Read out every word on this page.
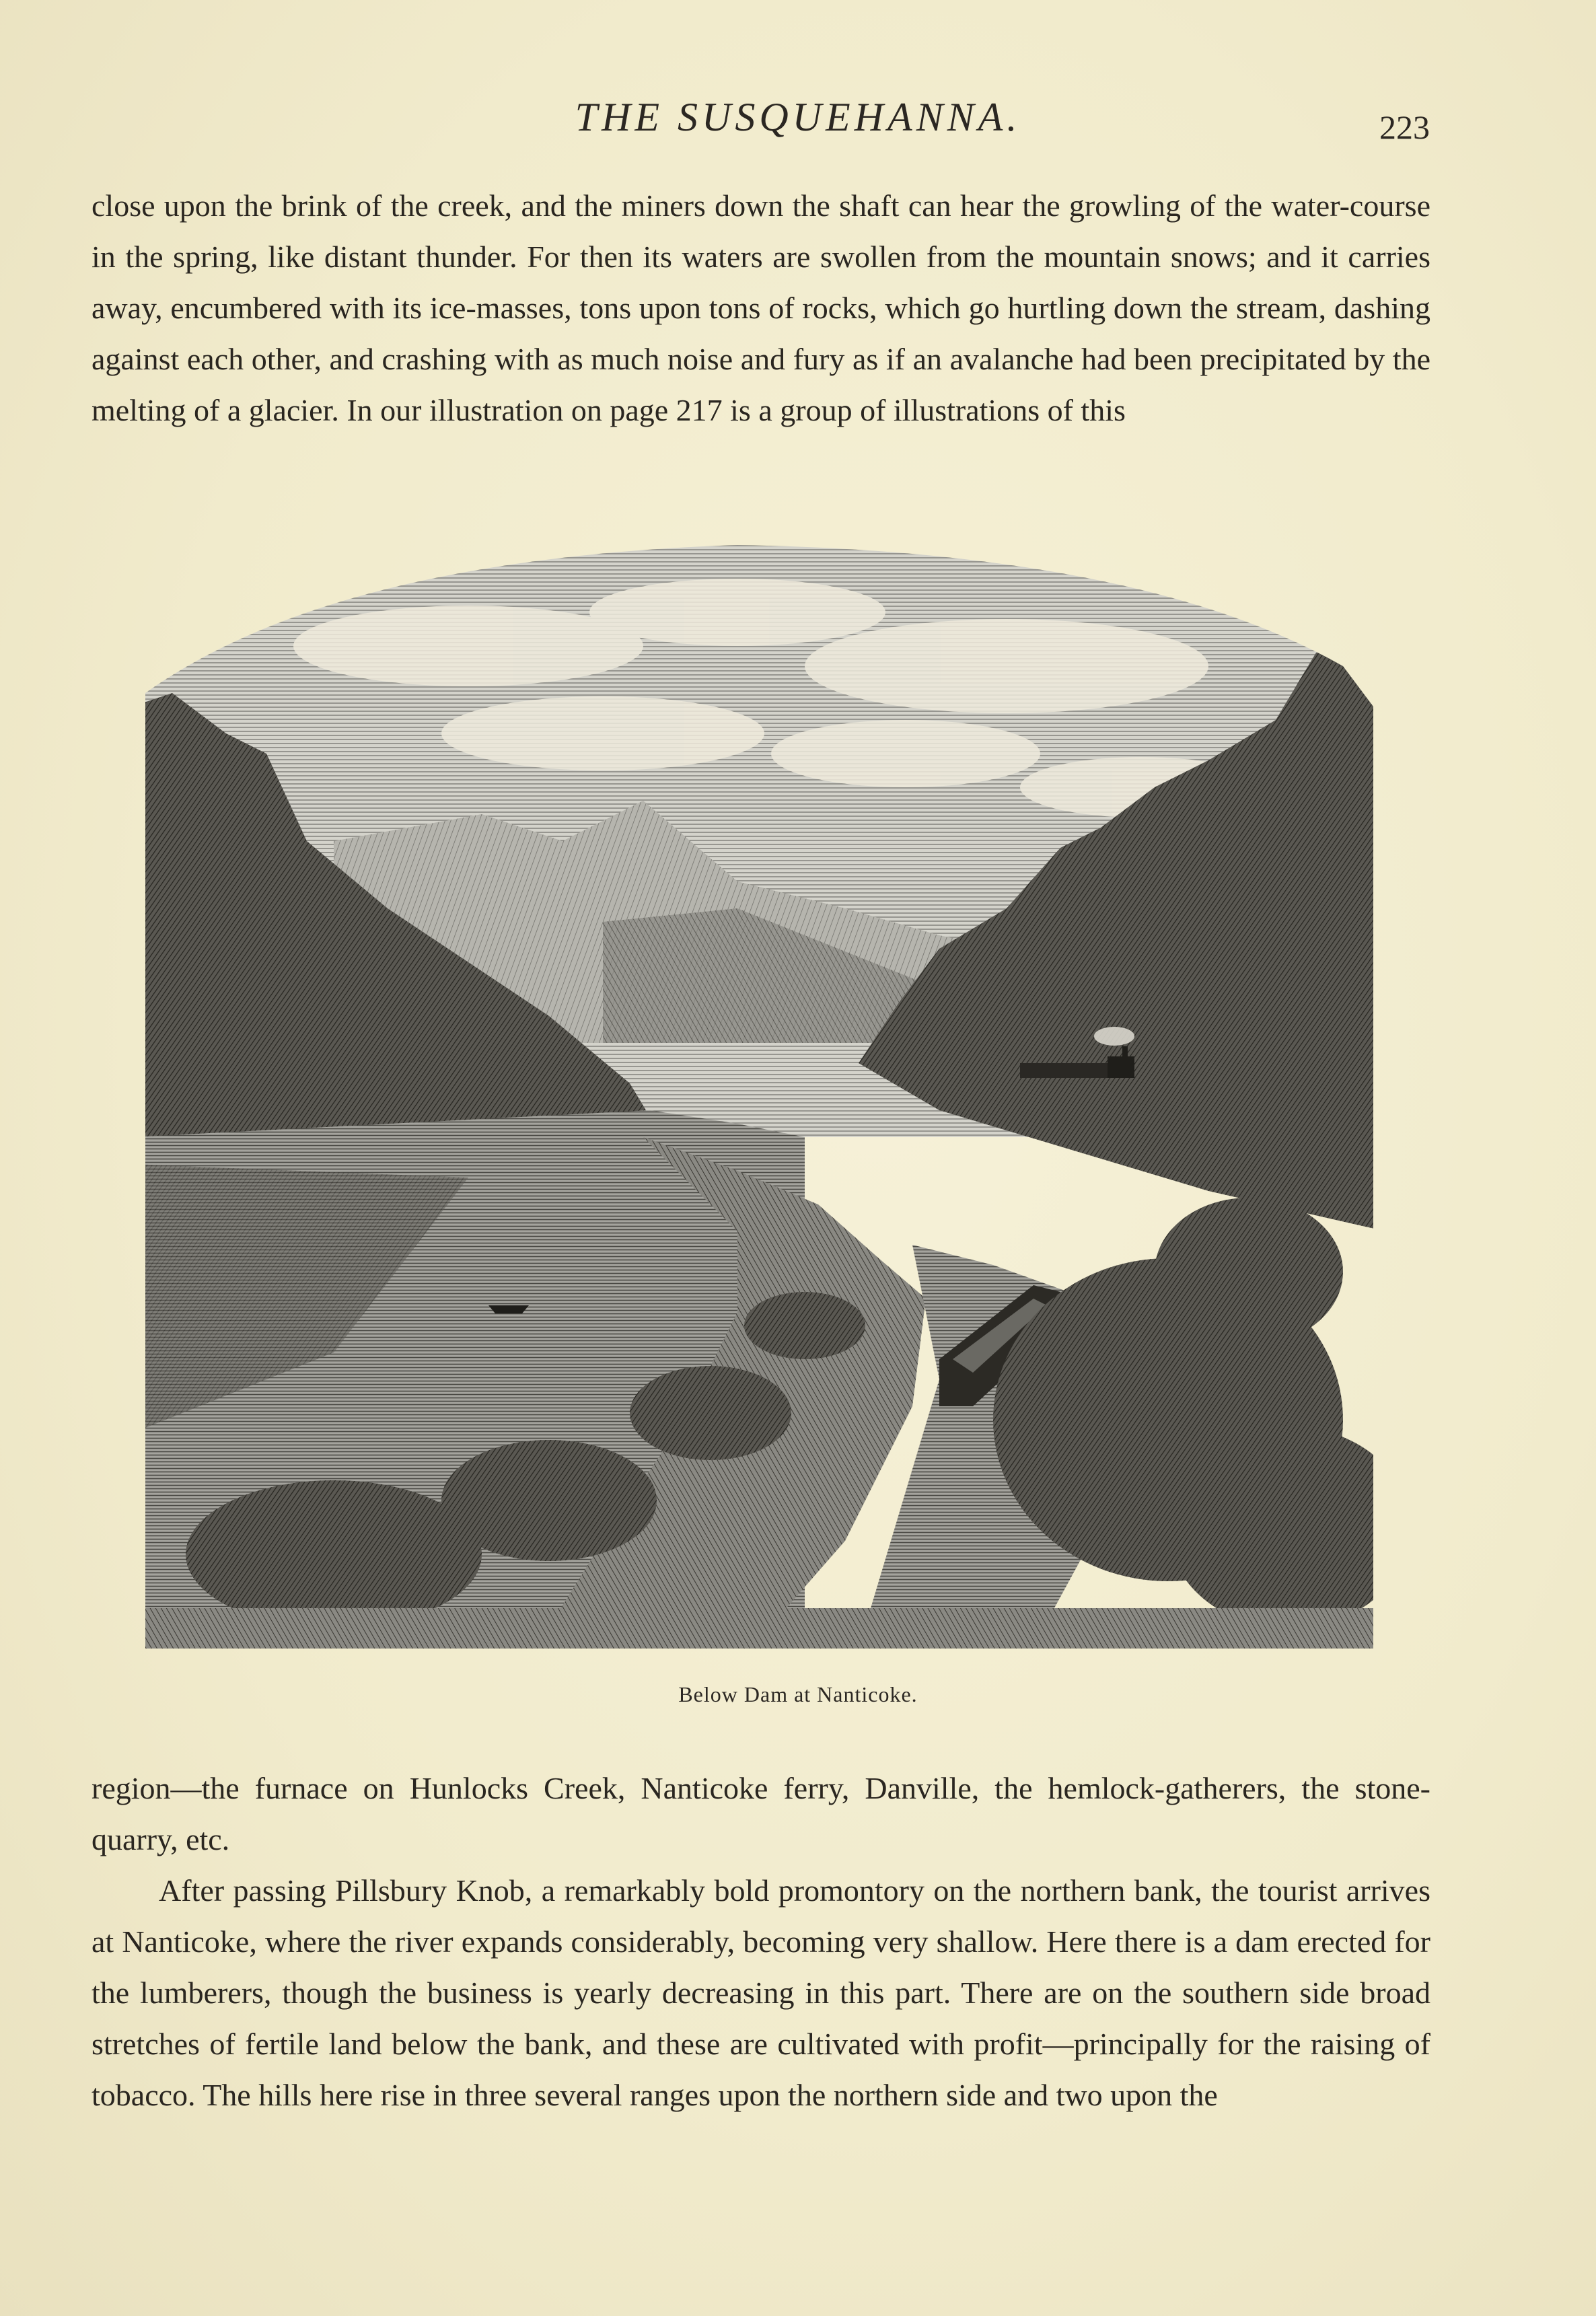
THE SUSQUEHANNA.	223

close upon the brink of the creek, and the miners down the shaft can hear the growling of the water-course in the spring, like distant thunder. For then its waters are swollen from the mountain snows; and it carries away, encumbered with its ice-masses, tons upon tons of rocks, which go hurtling down the stream, dashing against each other, and crashing with as much noise and fury as if an avalanche had been precipitated by the melting of a glacier. In our illustration on page 217 is a group of illustrations of this

Below Dam at Nanticoke.

region—the furnace on Hunlocks Creek, Nanticoke ferry, Danville, the hemlock-gatherers, the stone-quarry, etc.

After passing Pillsbury Knob, a remarkably bold promontory on the northern bank, the tourist arrives at Nanticoke, where the river expands considerably, becoming very shallow. Here there is a dam erected for the lumberers, though the business is yearly decreasing in this part. There are on the southern side broad stretches of fertile land below the bank, and these are cultivated with profit—principally for the raising of tobacco. The hills here rise in three several ranges upon the northern side and two upon the
